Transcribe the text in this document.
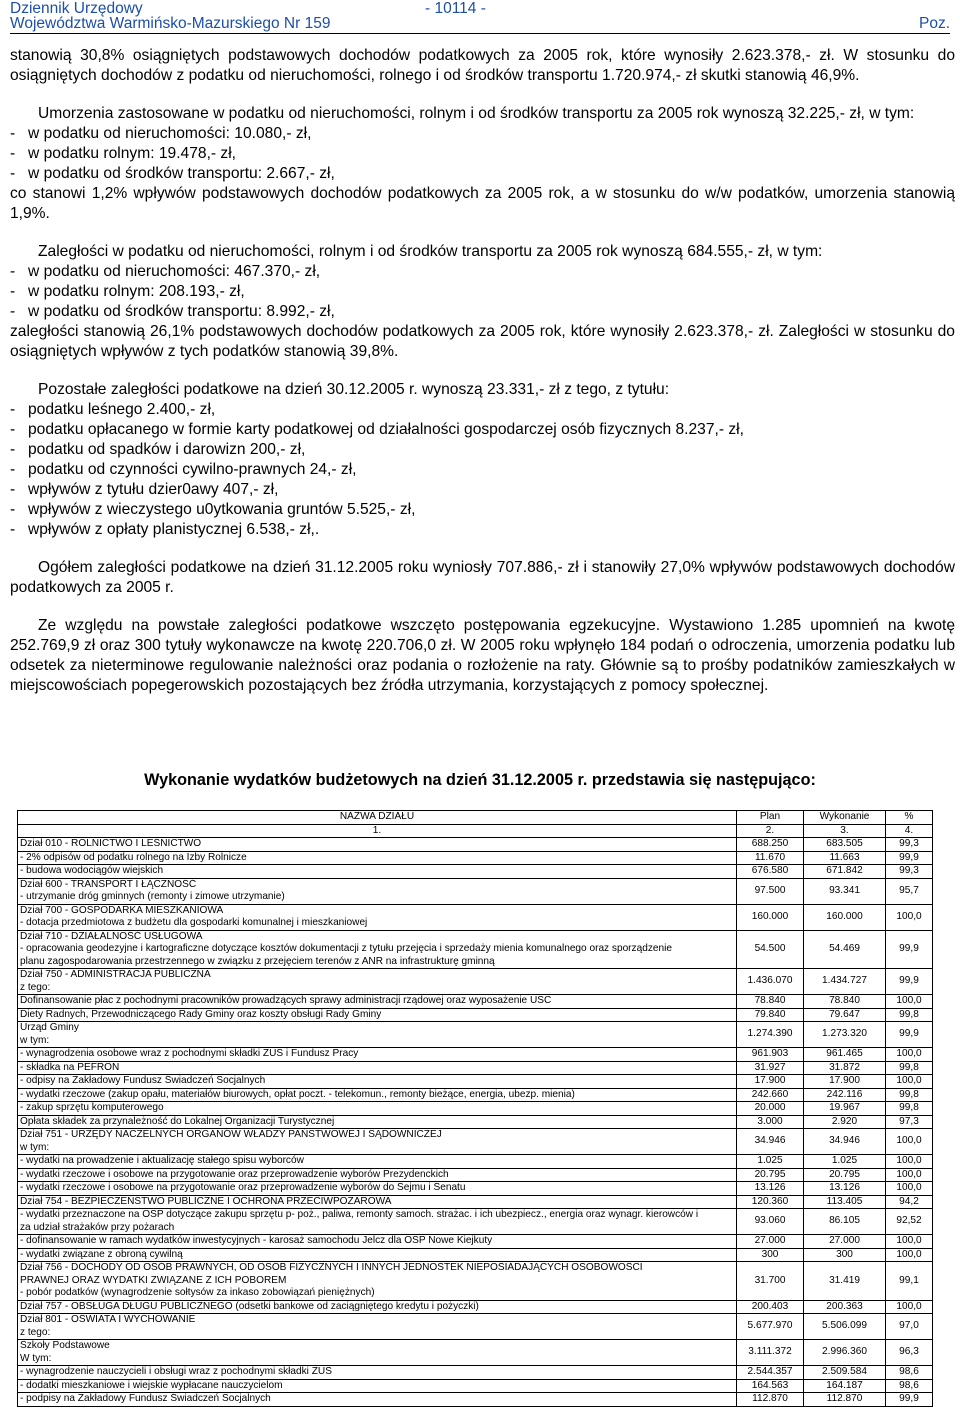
Dziennik Urzędowy	- 10114 -
Województwa Warmińsko-Mazurskiego Nr 159	Poz.

stanowią 30,8% osiągniętych podstawowych dochodów podatkowych za 2005 rok, które wynosiły 2.623.378,- zł. W stosunku do osiągniętych dochodów z podatku od nieruchomości, rolnego i od środków transportu 1.720.974,- zł skutki stanowią 46,9%.

Umorzenia zastosowane w podatku od nieruchomości, rolnym i od środków transportu za 2005 rok wynoszą 32.225,- zł, w tym:

- w podatku od nieruchomości: 10.080,- zł,

- w podatku rolnym: 19.478,- zł,

- w podatku od środków transportu: 2.667,- zł,

co stanowi 1,2% wpływów podstawowych dochodów podatkowych za 2005 rok, a w stosunku do w/w podatków, umorzenia stanowią 1,9%.

Zaległości w podatku od nieruchomości, rolnym i od środków transportu za 2005 rok wynoszą 684.555,- zł, w tym:

- w podatku od nieruchomości: 467.370,- zł,

- w podatku rolnym: 208.193,- zł,

- w podatku od środków transportu: 8.992,- zł,

zaległości stanowią 26,1% podstawowych dochodów podatkowych za 2005 rok, które wynosiły 2.623.378,- zł. Zaległości w stosunku do osiągniętych wpływów z tych podatków stanowią 39,8%.

Pozostałe zaległości podatkowe na dzień 30.12.2005 r. wynoszą 23.331,- zł z tego, z tytułu:

- podatku leśnego 2.400,- zł,

- podatku opłacanego w formie karty podatkowej od działalności gospodarczej osób fizycznych 8.237,- zł,

- podatku od spadków i darowizn 200,- zł,

- podatku od czynności cywilno-prawnych 24,- zł,

- wpływów z tytułu dzier0awy 407,- zł,

- wpływów z wieczystego u0ytkowania gruntów 5.525,- zł,

- wpływów z opłaty planistycznej 6.538,- zł,.

Ogółem zaległości podatkowe na dzień 31.12.2005 roku wyniosły 707.886,- zł i stanowiły 27,0% wpływów podstawowych dochodów podatkowych za 2005 r.

Ze względu na powstałe zaległości podatkowe wszczęto postępowania egzekucyjne. Wystawiono 1.285 upomnień na kwotę 252.769,9 zł oraz 300 tytuły wykonawcze na kwotę 220.706,0 zł. W 2005 roku wpłynęło 184 podań o odroczenia, umorzenia podatku lub odsetek za nieterminowe regulowanie należności oraz podania o rozłożenie na raty. Głównie są to prośby podatników zamieszkałych w miejscowościach popegerowskich pozostających bez źródła utrzymania, korzystających z pomocy społecznej.

Wykonanie wydatków budżetowych na dzień 31.12.2005 r. przedstawia się następująco:
NAZWA DZIAŁU	Plan	Wykonanie	%
1.	2.	3.	4.

Dział 010 - ROLNICTWO I LEŚNICTWO	688.250	683.505	99,3

- 2% odpisów od podatku rolnego na Izby Rolnicze	11.670	11.663	99,9

- budowa wodociągów wiejskich	676.580	671.842	99,3

Dział 600 - TRANSPORT I ŁĄCZNOŚĆ
- utrzymanie dróg gminnych (remonty i zimowe utrzymanie)	97.500	93.341	95,7

Dział 700 - GOSPODARKA MIESZKANIOWA
- dotacja przedmiotowa z budżetu dla gospodarki komunalnej i mieszkaniowej	160.000	160.000	100,0

Dział 710 - DZIAŁALNOŚĆ USŁUGOWA
- opracowania geodezyjne i kartograficzne dotyczące kosztów dokumentacji z tytułu przejęcia i sprzedaży mienia komunalnego oraz sporządzenie
planu zagospodarowania przestrzennego w związku z przejęciem terenów z ANR na infrastrukturę gminną	54.500	54.469	99,9

Dział 750 - ADMINISTRACJA PUBLICZNA
z tego:	1.436.070	1.434.727	99,9

Dofinansowanie płac z pochodnymi pracowników prowadzących sprawy administracji rządowej oraz wyposażenie USC	78.840	78.840	100,0

Diety Radnych, Przewodniczącego Rady Gminy oraz koszty obsługi Rady Gminy	79.840	79.647	99,8

Urząd Gminy
w tym:	1.274.390	1.273.320	99,9

- wynagrodzenia osobowe wraz z pochodnymi składki ZUS i Fundusz Pracy	961.903	961.465	100,0

- składka na PEFRON	31.927	31.872	99,8

- odpisy na Zakładowy Fundusz Świadczeń Socjalnych	17.900	17.900	100,0

- wydatki rzeczowe (zakup opału, materiałów biurowych, opłat poczt. - telekomun., remonty bieżące, energia, ubezp. mienia)	242.660	242.116	99,8

- zakup sprzętu komputerowego	20.000	19.967	99,8

Opłata składek za przynależność do Lokalnej Organizacji Turystycznej	3.000	2.920	97,3

Dział 751 - URZĘDY NACZELNYCH ORGANÓW WŁADZY PAŃSTWOWEJ I SĄDOWNICZEJ
w tym:	34.946	34.946	100,0

- wydatki na prowadzenie i aktualizację stałego spisu wyborców	1.025	1.025	100,0

- wydatki rzeczowe i osobowe na przygotowanie oraz przeprowadzenie wyborów Prezydenckich	20.795	20.795	100,0

- wydatki rzeczowe i osobowe na przygotowanie oraz przeprowadzenie wyborów do Sejmu i Senatu	13.126	13.126	100,0

Dział 754 - BEZPIECZEŃSTWO PUBLICZNE I OCHRONA PRZECIWPOŻAROWA	120.360	113.405	94,2

- wydatki przeznaczone na OSP dotyczące zakupu sprzętu p- poż., paliwa, remonty samoch. strażac. i ich ubezpiecz., energia oraz wynagr. kierowców i
za udział strażaków przy pożarach	93.060	86.105	92,52

- dofinansowanie w ramach wydatków inwestycyjnych - karosaż samochodu Jelcz dla OSP Nowe Kiejkuty	27.000	27.000	100,0

- wydatki związane z obroną cywilną	300	300	100,0

Dział 756 - DOCHODY OD OSÓB PRAWNYCH, OD OSÓB FIZYCZNYCH I INNYCH JEDNOSTEK NIEPOSIADAJĄCYCH OSOBOWOŚCI
PRAWNEJ ORAZ WYDATKI ZWIĄZANE Z ICH POBOREM
- pobór podatków (wynagrodzenie sołtysów za inkaso zobowiązań pieniężnych)	31.700	31.419	99,1

Dział 757 - OBSŁUGA DŁUGU PUBLICZNEGO (odsetki bankowe od zaciągniętego kredytu i pożyczki)	200.403	200.363	100,0

Dział 801 - OŚWIATA I WYCHOWANIE
z tego:	5.677.970	5.506.099	97,0

Szkoły Podstawowe
W tym:	3.111.372	2.996.360	96,3

- wynagrodzenie nauczycieli i obsługi wraz z pochodnymi składki ZUS	2.544.357	2.509.584	98,6

- dodatki mieszkaniowe i wiejskie wypłacane nauczycielom	164.563	164.187	98,6

- podpisy na Zakładowy Fundusz Świadczeń Socjalnych	112.870	112.870	99,9
